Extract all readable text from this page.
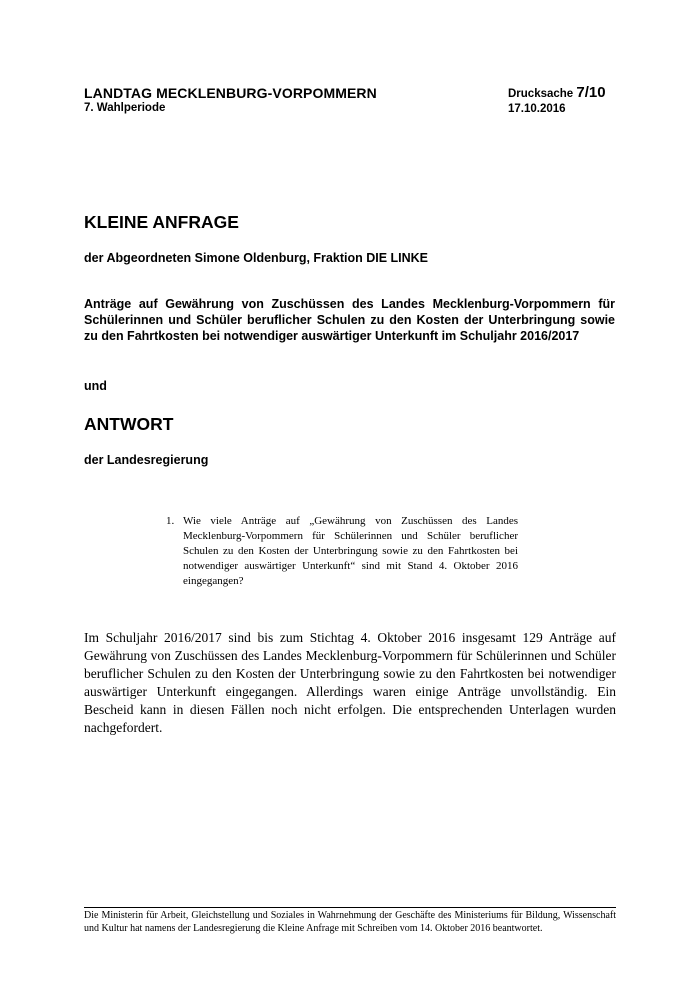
LANDTAG MECKLENBURG-VORPOMMERN
7. Wahlperiode
Drucksache 7/10
17.10.2016
KLEINE ANFRAGE
der Abgeordneten Simone Oldenburg, Fraktion DIE LINKE
Anträge auf Gewährung von Zuschüssen des Landes Mecklenburg-Vorpommern für Schülerinnen und Schüler beruflicher Schulen zu den Kosten der Unterbringung sowie zu den Fahrtkosten bei notwendiger auswärtiger Unterkunft im Schuljahr 2016/2017
und
ANTWORT
der Landesregierung
1. Wie viele Anträge auf „Gewährung von Zuschüssen des Landes Mecklenburg-Vorpommern für Schülerinnen und Schüler beruflicher Schulen zu den Kosten der Unterbringung sowie zu den Fahrtkosten bei notwendiger auswärtiger Unterkunft“ sind mit Stand 4. Oktober 2016 eingegangen?
Im Schuljahr 2016/2017 sind bis zum Stichtag 4. Oktober 2016 insgesamt 129 Anträge auf Gewährung von Zuschüssen des Landes Mecklenburg-Vorpommern für Schülerinnen und Schüler beruflicher Schulen zu den Kosten der Unterbringung sowie zu den Fahrtkosten bei notwendiger auswärtiger Unterkunft eingegangen. Allerdings waren einige Anträge unvollständig. Ein Bescheid kann in diesen Fällen noch nicht erfolgen. Die entsprechenden Unterlagen wurden nachgefordert.
Die Ministerin für Arbeit, Gleichstellung und Soziales in Wahrnehmung der Geschäfte des Ministeriums für Bildung, Wissenschaft und Kultur hat namens der Landesregierung die Kleine Anfrage mit Schreiben vom 14. Oktober 2016 beantwortet.
